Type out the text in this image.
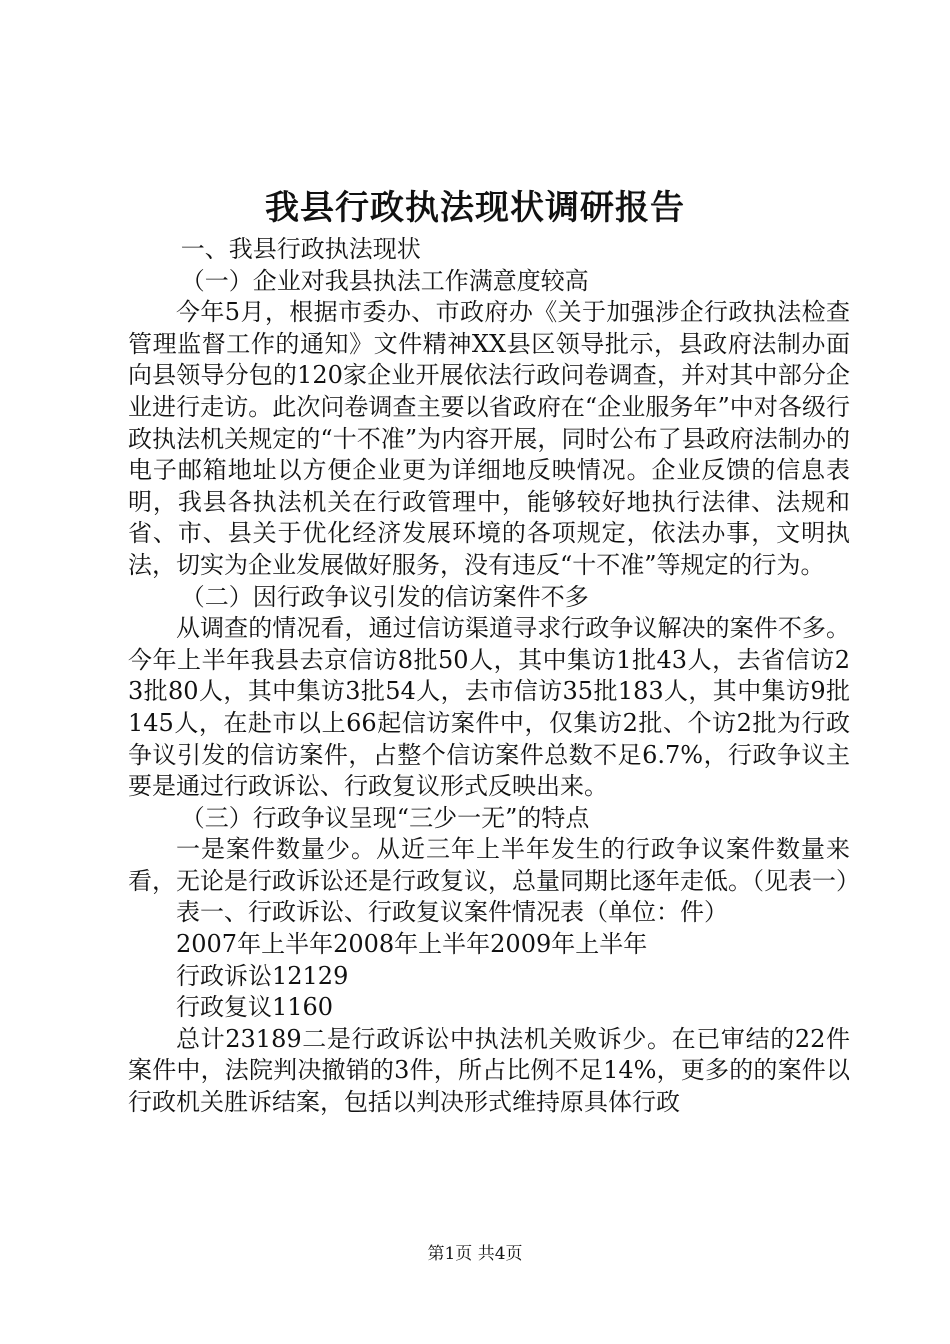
我县行政执法现状调研报告

一、我县行政执法现状

（一）企业对我县执法工作满意度较高

今年5月，根据市委办、市政府办《关于加强涉企行政执法检查管理监督工作的通知》文件精神XX县区领导批示，县政府法制办面向县领导分包的120家企业开展依法行政问卷调查，并对其中部分企业进行走访。此次问卷调查主要以省政府在“企业服务年”中对各级行政执法机关规定的“十不准”为内容开展，同时公布了县政府法制办的电子邮箱地址以方便企业更为详细地反映情况。企业反馈的信息表明，我县各执法机关在行政管理中，能够较好地执行法律、法规和省、市、县关于优化经济发展环境的各项规定，依法办事，文明执法，切实为企业发展做好服务，没有违反“十不准”等规定的行为。

（二）因行政争议引发的信访案件不多

从调查的情况看，通过信访渠道寻求行政争议解决的案件不多。今年上半年我县去京信访8批50人，其中集访1批43人，去省信访23批80人，其中集访3批54人，去市信访35批183人，其中集访9批145人，在赴市以上66起信访案件中，仅集访2批、个访2批为行政争议引发的信访案件，占整个信访案件总数不足6.7%，行政争议主要是通过行政诉讼、行政复议形式反映出来。

（三）行政争议呈现“三少一无”的特点

一是案件数量少。从近三年上半年发生的行政争议案件数量来看，无论是行政诉讼还是行政复议，总量同期比逐年走低。（见表一）

表一、行政诉讼、行政复议案件情况表（单位：件）

2007年上半年2008年上半年2009年上半年

行政诉讼12129

行政复议1160

总计23189二是行政诉讼中执法机关败诉少。在已审结的22件案件中，法院判决撤销的3件，所占比例不足14%，更多的的案件以行政机关胜诉结案，包括以判决形式维持原具体行政

第1页 共4页
